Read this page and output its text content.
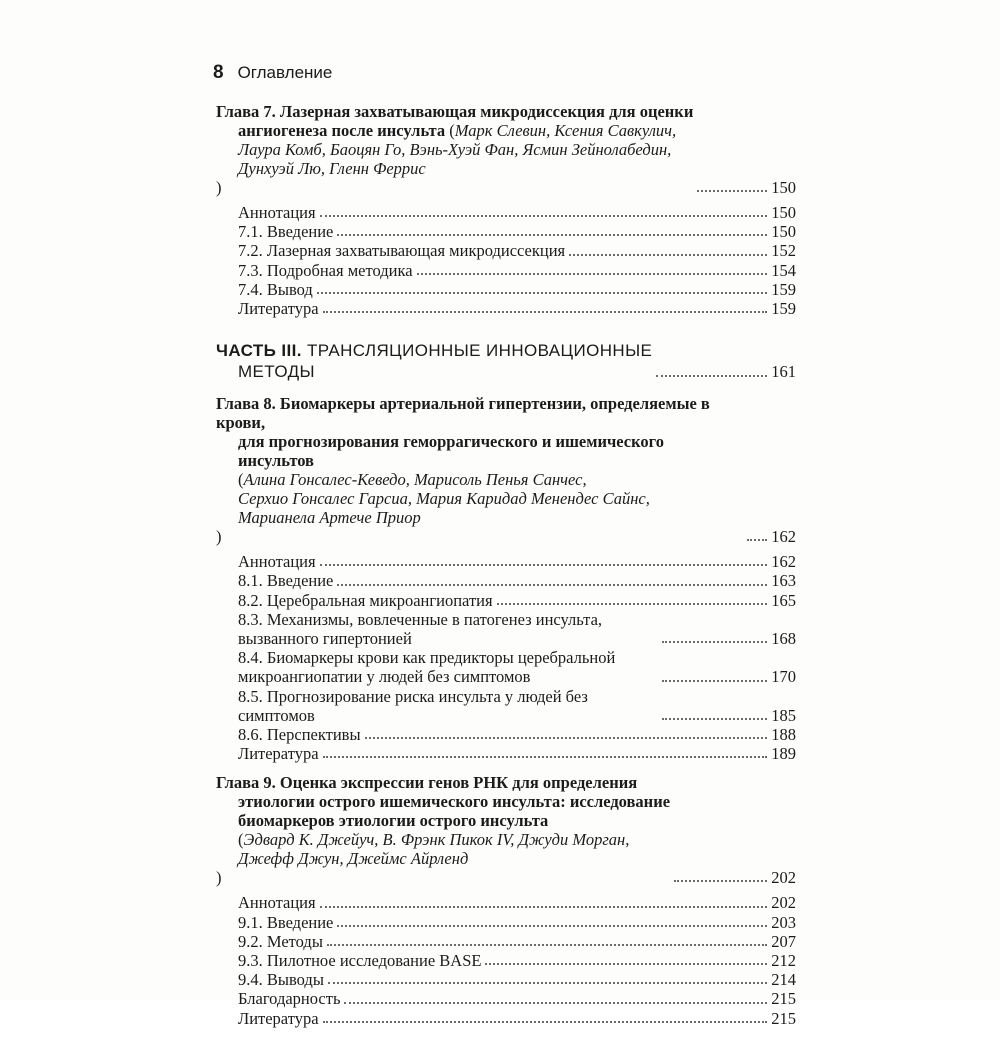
8 Оглавление
Глава 7. Лазерная захватывающая микродиссекция для оценки
ангиогенеза после инсульта (Марк Слевин, Ксения Савкулич,
Лаура Комб, Баоцян Го, Вэнь-Хуэй Фан, Ясмин Зейнолабедин,
Дунхуэй Лю, Гленн Феррис
)	150
Аннотация	150
7.1. Введение	150
7.2. Лазерная захватывающая микродиссекция	152
7.3. Подробная методика	154
7.4. Вывод	159
Литература	159
ЧАСТЬ III. ТРАНСЛЯЦИОННЫЕ ИННОВАЦИОННЫЕ
МЕТОДЫ	161
Глава 8. Биомаркеры артериальной гипертензии, определяемые в крови,
для прогнозирования геморрагического и ишемического инсультов
(Алина Гонсалес-Кеведо, Марисоль Пенья Санчес,
Серхио Гонсалес Гарсиа, Мария Каридад Менендес Сайнс,
Марианела Артече Приор
)	162
Аннотация	162
8.1. Введение	163
8.2. Церебральная микроангиопатия	165
8.3. Механизмы, вовлеченные в патогенез инсульта, вызванного гипертонией	168
8.4. Биомаркеры крови как предикторы церебральной микроангиопатии у людей без симптомов	170
8.5. Прогнозирование риска инсульта у людей без симптомов	185
8.6. Перспективы	188
Литература	189
Глава 9. Оценка экспрессии генов РНК для определения
этиологии острого ишемического инсульта: исследование
биомаркеров этиологии острого инсульта
(Эдвард К. Джейуч, В. Фрэнк Пикок IV, Джуди Морган,
Джефф Джун, Джеймс Айрленд
)	202
Аннотация	202
9.1. Введение	203
9.2. Методы	207
9.3. Пилотное исследование BASE	212
9.4. Выводы	214
Благодарность	215
Литература	215
